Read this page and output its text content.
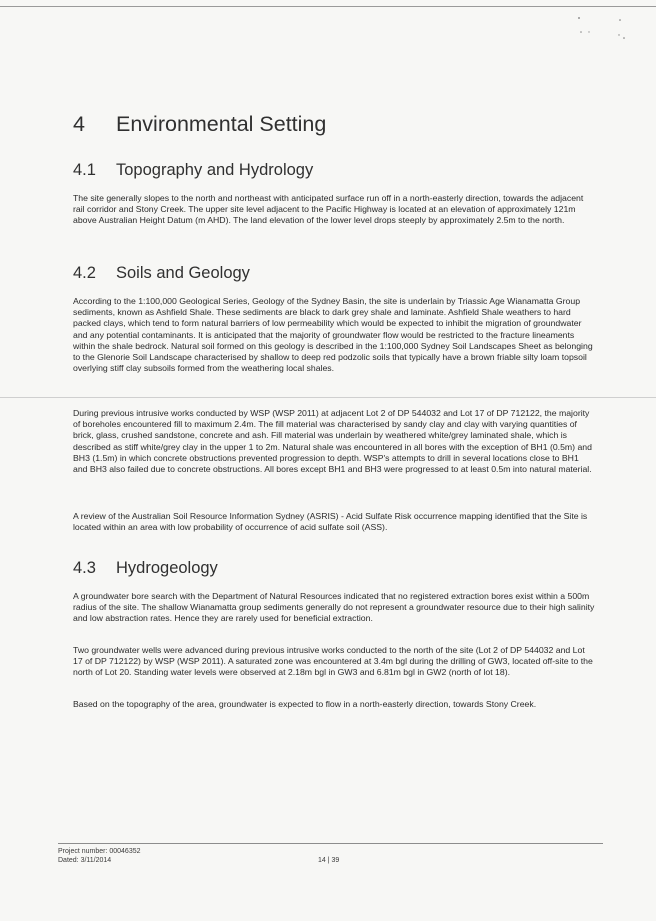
4 Environmental Setting
4.1 Topography and Hydrology

The site generally slopes to the north and northeast with anticipated surface run off in a north-easterly direction, towards the adjacent rail corridor and Stony Creek. The upper site level adjacent to the Pacific Highway is located at an elevation of approximately 121m above Australian Height Datum (m AHD). The land elevation of the lower level drops steeply by approximately 2.5m to the north.

4.2 Soils and Geology

According to the 1:100,000 Geological Series, Geology of the Sydney Basin, the site is underlain by Triassic Age Wianamatta Group sediments, known as Ashfield Shale. These sediments are black to dark grey shale and laminate. Ashfield Shale weathers to hard packed clays, which tend to form natural barriers of low permeability which would be expected to inhibit the migration of groundwater and any potential contaminants. It is anticipated that the majority of groundwater flow would be restricted to the fracture lineaments within the shale bedrock. Natural soil formed on this geology is described in the 1:100,000 Sydney Soil Landscapes Sheet as belonging to the Glenorie Soil Landscape characterised by shallow to deep red podzolic soils that typically have a brown friable silty loam topsoil overlying stiff clay subsoils formed from the weathering local shales.

During previous intrusive works conducted by WSP (WSP 2011) at adjacent Lot 2 of DP 544032 and Lot 17 of DP 712122, the majority of boreholes encountered fill to maximum 2.4m. The fill material was characterised by sandy clay and clay with varying quantities of brick, glass, crushed sandstone, concrete and ash. Fill material was underlain by weathered white/grey laminated shale, which is described as stiff white/grey clay in the upper 1 to 2m. Natural shale was encountered in all bores with the exception of BH1 (0.5m) and BH3 (1.5m) in which concrete obstructions prevented progression to depth. WSP's attempts to drill in several locations close to BH1 and BH3 also failed due to concrete obstructions. All bores except BH1 and BH3 were progressed to at least 0.5m into natural material.

A review of the Australian Soil Resource Information Sydney (ASRIS) - Acid Sulfate Risk occurrence mapping identified that the Site is located within an area with low probability of occurrence of acid sulfate soil (ASS).

4.3 Hydrogeology

A groundwater bore search with the Department of Natural Resources indicated that no registered extraction bores exist within a 500m radius of the site. The shallow Wianamatta group sediments generally do not represent a groundwater resource due to their high salinity and low abstraction rates. Hence they are rarely used for beneficial extraction.

Two groundwater wells were advanced during previous intrusive works conducted to the north of the site (Lot 2 of DP 544032 and Lot 17 of DP 712122) by WSP (WSP 2011). A saturated zone was encountered at 3.4m bgl during the drilling of GW3, located off-site to the north of Lot 20. Standing water levels were observed at 2.18m bgl in GW3 and 6.81m bgl in GW2 (north of lot 18).

Based on the topography of the area, groundwater is expected to flow in a north-easterly direction, towards Stony Creek.

Project number: 00046352
Dated: 3/11/2014	14 | 39
